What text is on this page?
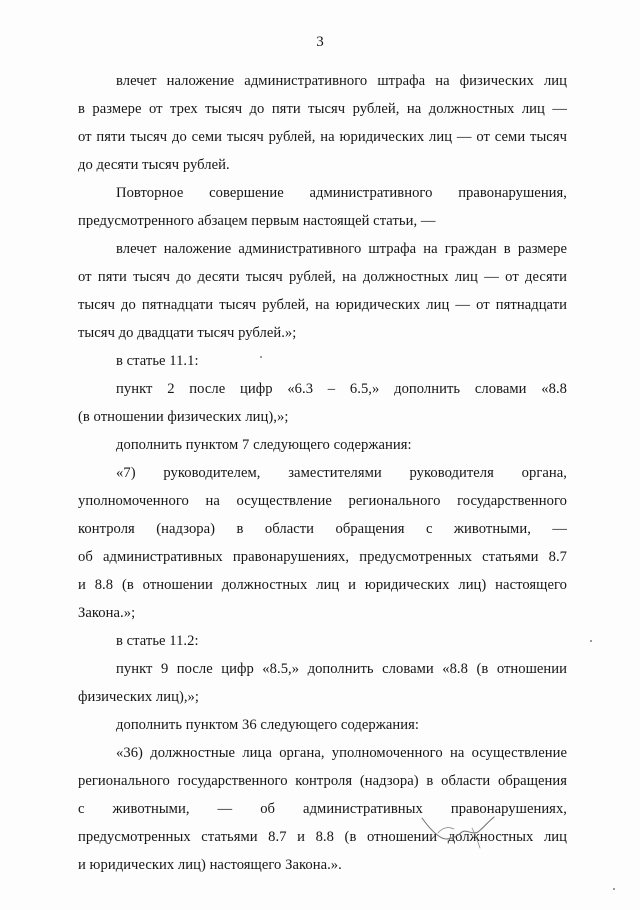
3
влечет наложение административного штрафа на физических лиц
в размере от трех тысяч до пяти тысяч рублей, на должностных лиц —
от пяти тысяч до семи тысяч рублей, на юридических лиц — от семи тысяч
до десяти тысяч рублей.
Повторное совершение административного правонарушения,
предусмотренного абзацем первым настоящей статьи, —
влечет наложение административного штрафа на граждан в размере
от пяти тысяч до десяти тысяч рублей, на должностных лиц — от десяти
тысяч до пятнадцати тысяч рублей, на юридических лиц — от пятнадцати
тысяч до двадцати тысяч рублей.»;
в статье 11.1:
пункт 2 после цифр «6.3 – 6.5,» дополнить словами «8.8
(в отношении физических лиц),»;
дополнить пунктом 7 следующего содержания:
«7) руководителем, заместителями руководителя органа,
уполномоченного на осуществление регионального государственного
контроля (надзора) в области обращения с животными, —
об административных правонарушениях, предусмотренных статьями 8.7
и 8.8 (в отношении должностных лиц и юридических лиц) настоящего
Закона.»;
в статье 11.2:
пункт 9 после цифр «8.5,» дополнить словами «8.8 (в отношении
физических лиц),»;
дополнить пунктом 36 следующего содержания:
«36) должностные лица органа, уполномоченного на осуществление
регионального государственного контроля (надзора) в области обращения
с животными, — об административных правонарушениях,
предусмотренных статьями 8.7 и 8.8 (в отношении должностных лиц
и юридических лиц) настоящего Закона.».
